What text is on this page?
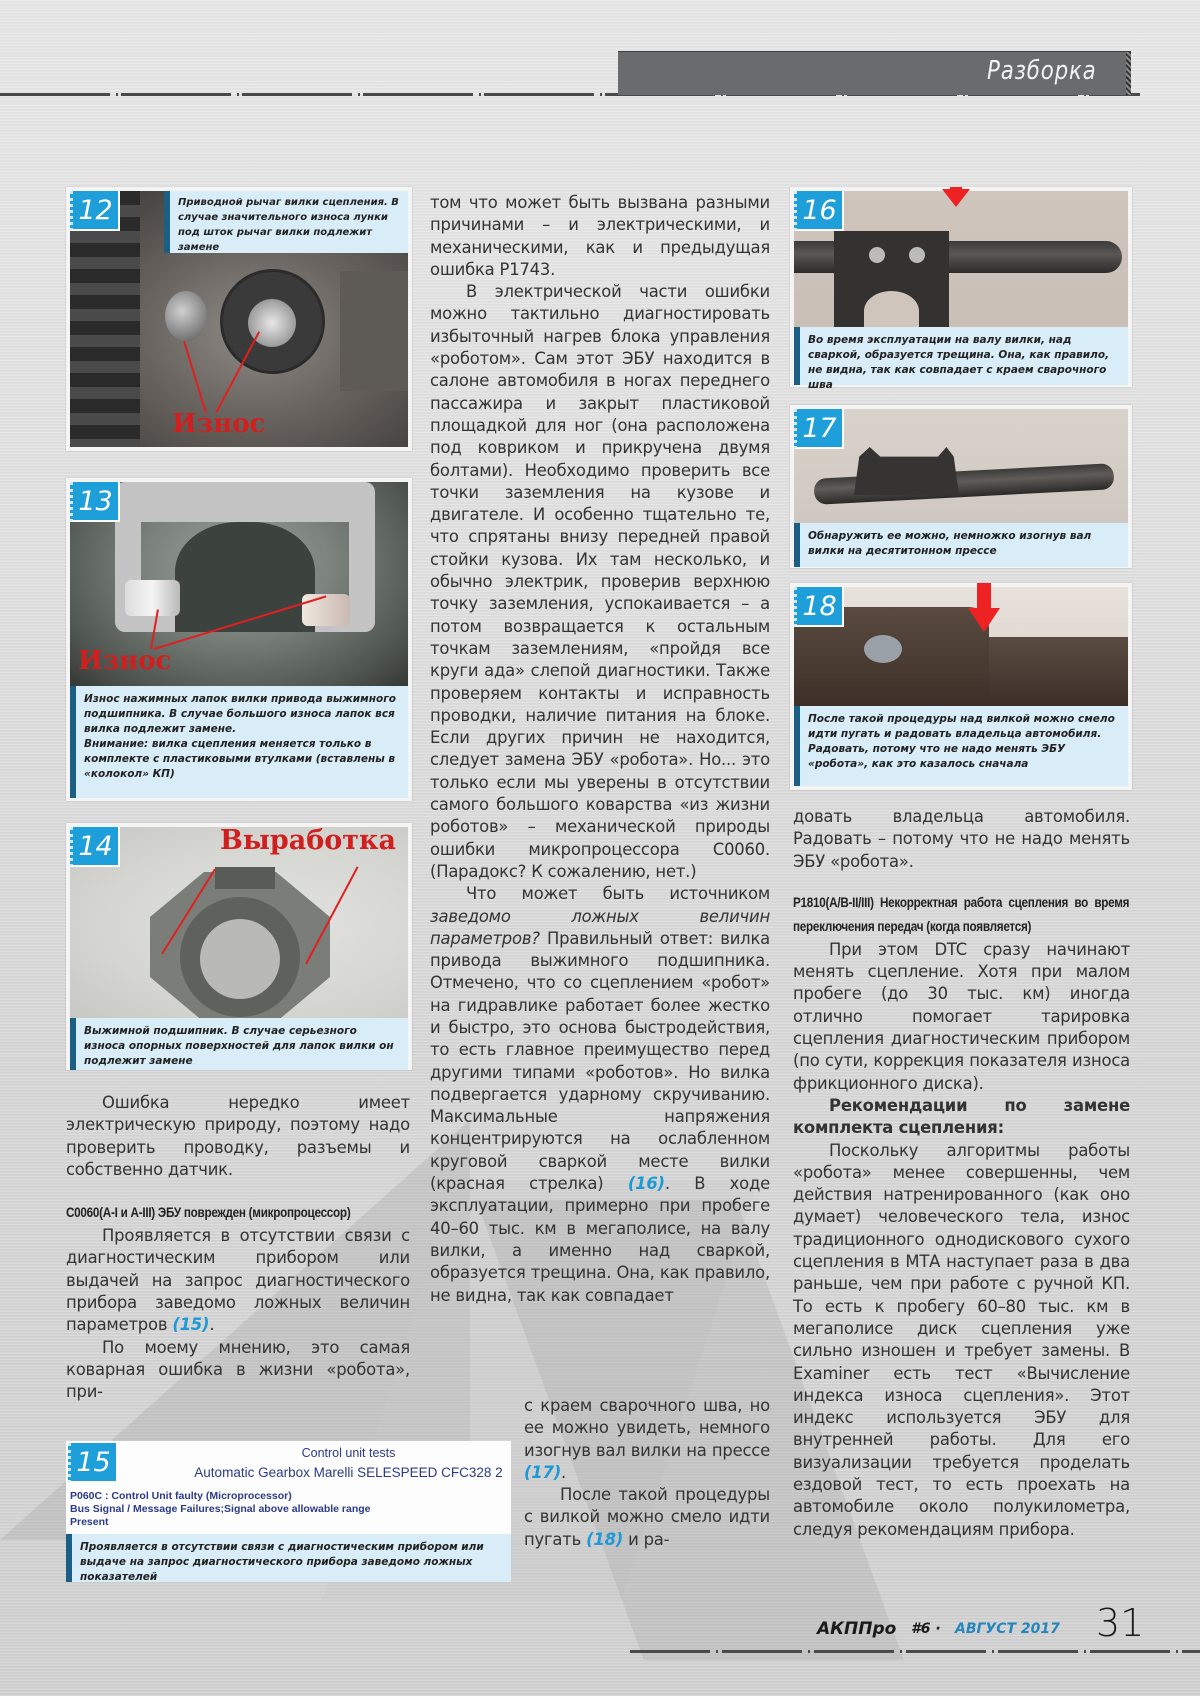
Разборка
Приводной рычаг вилки сцепления. В случае значительного износа лунки под шток рычаг вилки подлежит замене
Износ
12
Износ
Износ нажимных лапок вилки привода выжимного подшипника. В случае большого износа лапок вся вилка подлежит замене.
Внимание: вилка сцепления меняется только в комплекте с пластиковыми втулками (вставлены в «колокол» КП)
13
Выработка
Выжимной подшипник. В случае серьезного износа опорных поверхностей для лапок вилки он подлежит замене
14

Ошибка нередко имеет электрическую природу, поэтому надо проверить проводку, разъемы и собственно датчик.

C0060(A-I и A-III) ЭБУ поврежден (микропроцессор)

Проявляется в отсутствии связи с диагностическим прибором или выдачей на запрос диагностического прибора заведомо ложных величин параметров (15).

По моему мнению, это самая коварная ошибка в жизни «робота», при-

Control unit tests
Automatic Gearbox Marelli SELESPEED CFC328 2
P060C : Control Unit faulty (Microprocessor)
Bus Signal / Message Failures;Signal above allowable range
Present
Проявляется в отсутствии связи с диагностическим прибором или выдаче на запрос диагностического прибора заведомо ложных показателей
15

том что может быть вызвана разными причинами – и электрическими, и механическими, как и предыдущая ошибка P1743.

В электрической части ошибки можно тактильно диагностировать избыточный нагрев блока управления «роботом». Сам этот ЭБУ находится в салоне автомобиля в ногах переднего пассажира и закрыт пластиковой площадкой для ног (она расположена под ковриком и прикручена двумя болтами). Необходимо проверить все точки заземления на кузове и двигателе. И особенно тщательно те, что спрятаны внизу передней правой стойки кузова. Их там несколько, и обычно электрик, проверив верхнюю точку заземления, успокаивается – а потом возвращается к остальным точкам заземлениям, «пройдя все круги ада» слепой диагностики. Также проверяем контакты и исправность проводки, наличие питания на блоке. Если других причин не находится, следует замена ЭБУ «робота». Но... это только если мы уверены в отсутствии самого большого коварства «из жизни роботов» – механической природы ошибки микропроцессора C0060. (Парадокс? К сожалению, нет.)

Что может быть источником заведомо ложных величин параметров? Правильный ответ: вилка привода выжимного подшипника. Отмечено, что со сцеплением «робот» на гидравлике работает более жестко и быстро, это основа быстродействия, то есть главное преимущество перед другими типами «роботов». Но вилка подвергается ударному скручиванию. Максимальные напряжения концентрируются на ослабленном круговой сваркой месте вилки (красная стрелка) (16). В ходе эксплуатации, примерно при пробеге 40–60 тыс. км в мегаполисе, на валу вилки, а именно над сваркой, образуется трещина. Она, как правило, не видна, так как совпадает

с краем сварочного шва, но ее можно увидеть, немного изогнув вал вилки на прессе (17).

После такой процедуры с вилкой можно смело идти пугать (18) и ра-

Во время эксплуатации на валу вилки, над сваркой, образуется трещина. Она, как правило, не видна, так как совпадает с краем сварочного шва
16
Обнаружить ее можно, немножко изогнув вал вилки на десятитонном прессе
17
После такой процедуры над вилкой можно смело идти пугать и радовать владельца автомобиля. Радовать, потому что не надо менять ЭБУ «робота», как это казалось сначала
18

довать владельца автомобиля. Радовать – потому что не надо менять ЭБУ «робота».

P1810(A/B-II/III) Некорректная работа сцепления во время переключения передач (когда появляется)

При этом DTC сразу начинают менять сцепление. Хотя при малом пробеге (до 30 тыс. км) иногда отлично помогает тарировка сцепления диагностическим прибором (по сути, коррекция показателя износа фрикционного диска).

Рекомендации по замене комплекта сцепления:

Поскольку алгоритмы работы «робота» менее совершенны, чем действия натренированного (как оно думает) человеческого тела, износ традиционного однодискового сухого сцепления в МТА наступает раза в два раньше, чем при работе с ручной КП. То есть к пробегу 60–80 тыс. км в мегаполисе диск сцепления уже сильно изношен и требует замены. В Examiner есть тест «Вычисление индекса износа сцепления». Этот индекс используется ЭБУ для внутренней работы. Для его визуализации требуется проделать ездовой тест, то есть проехать на автомобиле около полукилометра, следуя рекомендациям прибора.

АКППро #6 · АВГУСТ 2017 31
